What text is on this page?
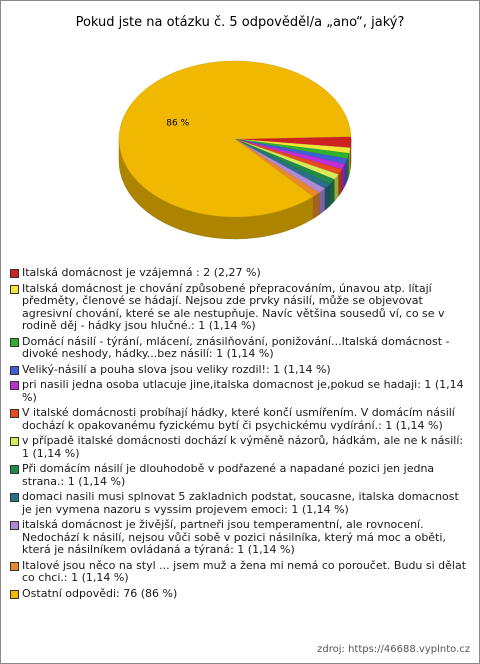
Pokud jste na otázku č. 5 odpověděl/a „ano“, jaký?
86 %
Italská domácnost je vzájemná : 2 (2,27 %)
Italská domácnost je chování způsobené přepracováním, únavou atp. lítají předměty, členové se hádají. Nejsou zde prvky násilí, může se objevovat agresivní chování, které se ale nestupňuje. Navíc většina sousedů ví, co se v rodině děj - hádky jsou hlučné.: 1 (1,14 %)
Domácí násilí - týrání, mlácení, znásilňování, ponižování...Italská domácnost - divoké neshody, hádky...bez násilí: 1 (1,14 %)
Veliký-násilí a pouha slova jsou veliky rozdil!: 1 (1,14 %)
pri nasili jedna osoba utlacuje jine,italska domacnost je,pokud se hadaji: 1 (1,14 %)
V italské domácnosti probíhají hádky, které končí usmířením. V domácím násilí dochází k opakovanému fyzickému bytí či psychickému vydírání.: 1 (1,14 %)
v případě italské domácnosti dochází k výměně názorů, hádkám, ale ne k násilí: 1 (1,14 %)
Při domácím násilí je dlouhodobě v podřazené a napadané pozici jen jedna strana.: 1 (1,14 %)
domaci nasili musi splnovat 5 zakladnich podstat, soucasne, italska domacnost je jen vymena nazoru s vyssim projevem emoci: 1 (1,14 %)
italská domácnost je živější, partneři jsou temperamentní, ale rovnocení. Nedochází k násilí, nejsou vůči sobě v pozici násilníka, který má moc a oběti, která je násilníkem ovládaná a týraná: 1 (1,14 %)
Italové jsou něco na styl ... jsem muž a žena mi nemá co poroučet. Budu si dělat co chci.: 1 (1,14 %)
Ostatní odpovědi: 76 (86 %)
zdroj: https://46688.vyplnto.cz
